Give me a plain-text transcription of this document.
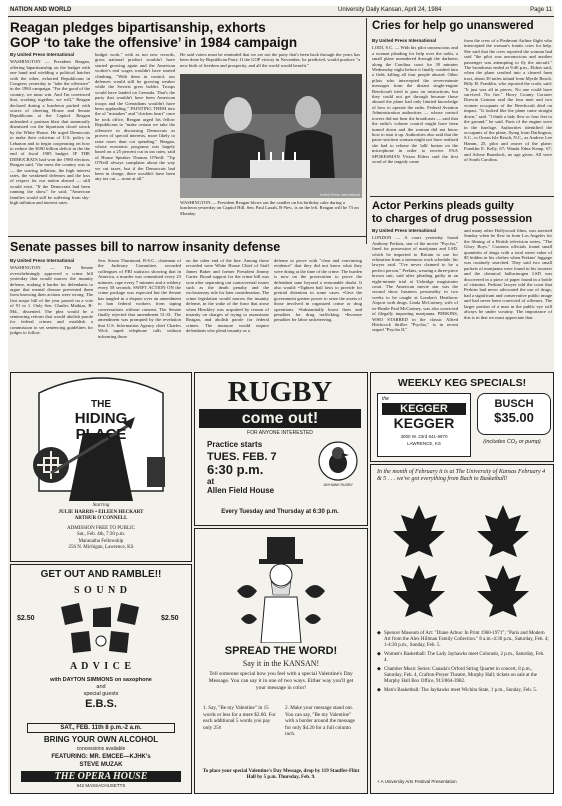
NATION AND WORLD	University Daily Kansan, April 24, 1984	Page 11
Reagan pledges bipartisanship, exhorts
GOP ‘to take the offensive’ in 1984 campaign
By United Press International
WASHINGTON — President Reagan, offering bipartisanship on the budget with one hand and wielding a political hatchet with the other, exhorted Republicans in Congress yesterday to "take the offensive" in the 1984 campaign. "For the good of the country, we must win. And I'm convinced that, working together, we will," Reagan declared during a luncheon packed with scores of cheering House and Senate Republicans at the Capitol. Reagan unleashed a partisan blast that summarily dismissed cut the bipartisan chord struck by the White House. He urged Democrats to make their criticism of U.S. policy in Lebanon and to begin cooperating on how to reduce the $180 billion deficit in the the end of fiscal 1985 budget. IF THE DEMOCRATS had won the 1980 election, Reagan said, "the mess the country was in — the soaring inflation, the high interest rates, the weakened defenses and the loss of respect for our nation abroad — still would exist. "If the Democrats had been running the show," he said, "American families would still be suffering from sky-high inflation and interest rates.
budget work," with as not new records, gross national product wouldn't have started growing again and the American worker's real wages wouldn't have started climbing. "With them in control, our defenses would still be growing weaker while the Soviets grew bolder. Troops would have landed on Grenada. That's the party that wouldn't have been American troops and the Grenadians wouldn't have been applauding." PAINTING THEM into the of "mistakes" and "chicken heart" once he took office, Reagan urged his fellow Republicans to "make certain we take the offensive in discussing Democrats as proven of special interests, more likely to raise taxes than cut spending." Reagan, whose economic programs was largely based on a 25 percent cut in tax rates, said of House Speaker Thomas O'Neill: "Tip O'Neill always complains about the way we cut taxes, but if the Democrats had been in charge, there wouldn't have been any tax cut — none at all."
He said voters must be reminded that we are not the party that's been back through the years has been done by Republican Party. If the GOP victory in November, he predicted, would produce "a new birth of freedom and prosperity, and all the world would benefit."
United Press International
WASHINGTON — President Reagan blows out the candles on his birthday cake during a luncheon yesterday on Capitol Hill. Sen. Paul Laxalt, R-Nev., is on the left. Reagan will be 73 on Monday.
Cries for help go unanswered
By United Press International
LODI, S.C. — With his pilot unconscious and a woman pleading for help over the radio, a small plane meandered through the darkness along the Carolina coast for 39 minutes Wednesday night before it finally crashed into a field, killing all four people aboard. Other pilots who intercepted the seven-minute messages from the distant single-engine Beechcraft tried to pass on instructions, but they could not get through because those aboard the plane had only limited knowledge of how to operate the radio. Federal Aviation Administration authorities — whose control towers did not hear the broadcasts — said that the radio's volume control might have been turned down and the woman did not know how to turn it up. Authorities also said that the panic-stricken woman might not have realized she had to release the 'talk' button on the microphone in order to receive. FAA SPOKESMAN Vivian Elders said the first word of the tragedy came
from the crew of a Piedmont Airline flight who intercepted the woman's frantic cries for help. She said that the crew reported the woman had said "the pilot was unconscious and another passenger was attempting to fly the aircraft." The broadcasts ended at 9:46 p.m., Elders said, when the plane crashed into a cleared farm tract, about 30 miles inland from Myrtle Beach. Billy H. Franklin, who reported the crash, said: "It just was all in pieces. No one could have survived. No fire." Horry County Coroner Durwin Carmon said the four men and two women occupants of the Beechcraft died on impact. "It looked like the plane came straight down," said. "I think a lady flew or four feet to the ground," he said. Parts of the engine were in the fuselage. Authorities identified the occupants of the plane, flying from Darlington, S.C., to Ocean Isle Beach, N.C., as Andrew Lee Hamm, 25, pilot and owner of the plane; Franklin E. Kelly, 67; Wanda Edna Kemp, 67; and Arlene Brantlock, no age given. All were of South Carolina.
Actor Perkins pleads guilty
to charges of drug possession
By United Press International
LONDON — A court yesterday found Anthony Perkins, star of the movie "Psycho," fined for possession of marijuana and LSD, which he imported to Britain to use for relaxation from a strenuous work schedule, his lawyer said. "I've never claimed to be a perfect person," Perkins, wearing a three-piece brown suit, said after pleading guilty in an eight-minute trial at Uxbridge magistrates court. The American movie star was the second show business personality in two weeks to be caught at London's Heathrow Airport with drugs. Linda McCartney, wife of ex-Beatle Paul McCartney, was also convicted of illegally importing marijuana. PERKINS, WHO STARRED in the classic Alfred Hitchcock thriller "Psycho," is in recent sequel "Psycho II,"
and many other Hollywood films, was arrested Sunday when he flew in from Los Angeles for the filming of a British television series, "The Glory Boys." Customs officials found small quantities of drugs with a total street value of $5 hidden in his clothes when Perkins' luggage was routinely searched. They said two small packets of marijuana were found in his trousers and the chemical hallucinogen LSD was discovered in a piece of paper found in a bottle of vitamins. Perkins' lawyer told the court that Perkins had never advocated the use of drugs, had a significant and conservative public image and had never been convicted of offenses. The larger portion of a man in the public eye will always be under scrutiny. The importance of this is in that we must appreciate that.
Senate passes bill to narrow insanity defense
By United Press International
WASHINGTON — The Senate overwhelmingly approved a crime bill yesterday that would narrow the insanity defense, making it harder for defendants to argue that mental disease prevented them from knowing their actions were wrong. The first major bill of the year passed on a vote of 91 to 1. Only Sen. Charles Mathias, R-Md., dissented. The plea would be a sentencing reform that would abolish parole for federal crimes and establish a commission to set sentencing guidelines for judges to follow.
Sen. Strom Thurmond, R-S.C., chairman of the Judiciary Committee, recorded colleagues of FBI statistics showing that in America, a murder was committed every 23 minutes, rape every 7 minutes and a robbery every 58 seconds. SWIFT ACTION ON the crime package was expected but the Senate has tangled in a dispute over an amendment to ban federal workers from taping conversations without consent. The Senate finally rejected that amendment 51-41. The amendment was prompted by the revelation that U.S. Information Agency chief Charles Wick taped telephone calls without informing those
on the other end of the line. Among those recorded were White House Chief of Staff James Baker and former President Jimmy Carter. Broad support for the crime bill was won after separating out controversial issues such as the death penalty and the exclusionary rule for later consideration. The crime legislation would narrow the insanity defense, in the wake of the furor that arose when Hinckley was acquitted by reason of insanity on charges of trying to assassinate Reagan, and abolish parole for federal crimes. The measure would require defendants who plead insanity as a
defense to prove with "clear and convincing evidence" that they did not know what they were doing at the time of the crime. The burden is now on the prosecution to prove the defendant sane beyond a reasonable doubt. It also would: •Tighten bail laws to provide for pretrial detention in some cases. •Give the government greater power to seize the assets of those involved in organized crime or drug operations. •Substantially boost fines and penalties for drug trafficking. •Increase penalties for labor racketeering.
THE
HIDING
PLACE
Starring
JULIE HARRIS • EILEEN HECKART
ARTHUR O'CONNELL
ADMISSION FREE TO PUBLIC
Sat., Feb. 4th, 7:30 p.m.
Maranatha Fellowship
256 N. Michigan, Lawrence, KS
RUGBY
come out!
FOR ANYONE INTERESTED
Practice starts
TUES. FEB. 7
6:30 p.m.
at
Allen Field House
JAYHAWK RUGBY
Every Tuesday and Thursday at 6:30 p.m.
WEEKLY KEG SPECIALS!
the
KEGGER
KEGGER
3000 W. 23rd 841-9870
LAWRENCE, KS
BUSCH
$35.00
(includes CO₂ or pump)
GET OUT AND RAMBLE!!
S O U N D
$2.50	$2.50
A D V I C E
with DAYTON SIMMONS on saxophone
and
special guests
E.B.S.
SAT., FEB. 11th 8 p.m.-2 a.m.
BRING YOUR OWN ALCOHOL
concessions available
FEATURING: MR. EMCEE—KJHK's
STEVE MUZAK
THE OPERA HOUSE
642 MASSACHUSETTS
SPREAD THE WORD!
Say it in the KANSAN!
Tell someone special how you feel with a special Valentine's Day Message. You can say it in one of two ways. Either way you'll get your message in color!
1. Say, "Be my Valentine" in 15 words or less for a mere $2.60. For each additional 5 words you pay only 25¢
2. Make your message stand out. You can say, "Be my Valentine" with a border around the message for only $4.20 for a full column inch.
To place your special Valentine's Day Message, drop by 119 Stauffer-Flint Hall by 5 p.m. Thursday, Feb. 9.
In the month of February it is at The University of Kansas February 4 & 5 . . . we've got everything from Bach to Basketball!
◆ Spencer Museum of Art: "Diane Arbus: In Print 1960-1971"; "Paris and Modern Art from the Alex Hillman Family Collection." 8 a.m.-4:30 p.m., Saturday, Feb. 4; 1-4:30 p.m., Sunday, Feb. 5.
◆ Women's Basketball: The Lady Jayhawks meet Colorado, 2 p.m., Saturday, Feb. 4.
◆ Chamber Music Series: Canada's Orford String Quartet in concert, 8 p.m., Saturday, Feb. 4, Crafton-Preyer Theatre, Murphy Hall; tickets on sale at the Murphy Hall Box Office, 913/864-3982.
◆ Men's Basketball: The Jayhawks meet Wichita State, 1 p.m., Sunday, Feb. 5.
+ A University Arts Festival Presentation
